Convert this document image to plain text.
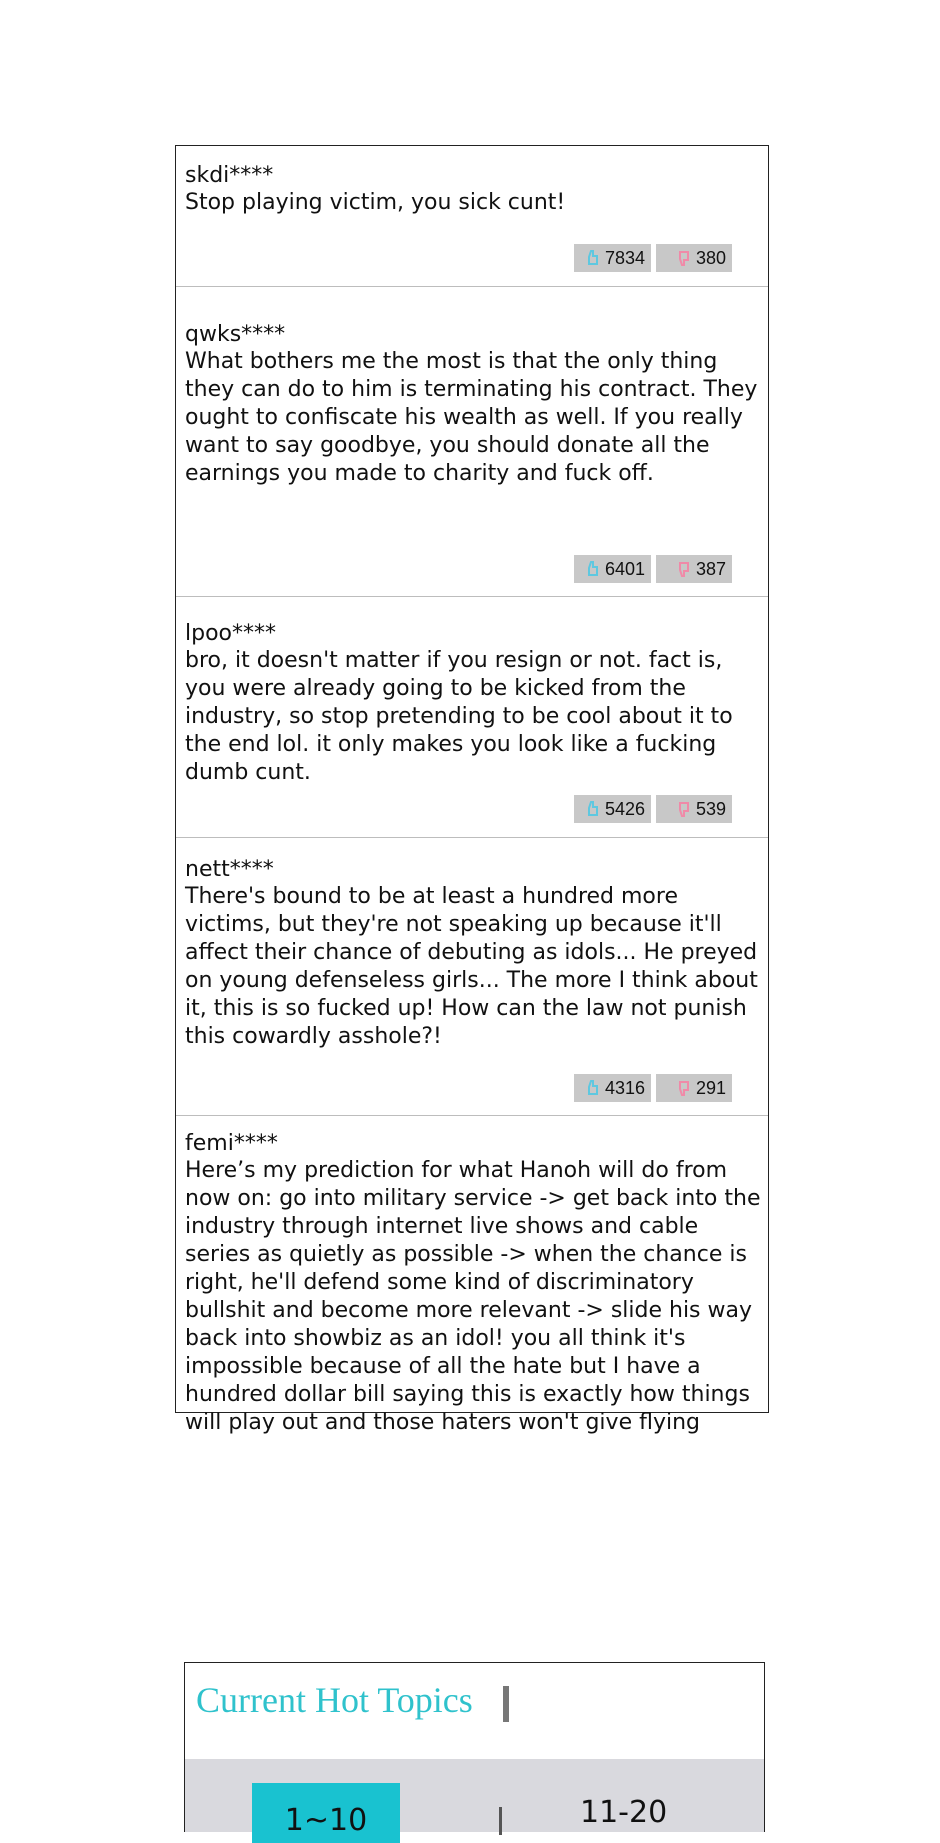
skdi****
Stop playing victim, you sick cunt!
7834	380
qwks****
What bothers me the most is that the only thing they can do to him is terminating his contract. They ought to confiscate his wealth as well. If you really want to say goodbye, you should donate all the earnings you made to charity and fuck off.
6401	387
lpoo****
bro, it doesn't matter if you resign or not. fact is, you were already going to be kicked from the industry, so stop pretending to be cool about it to the end lol. it only makes you look like a fucking dumb cunt.
5426	539
nett****
There's bound to be at least a hundred more victims, but they're not speaking up because it'll affect their chance of debuting as idols... He preyed on young defenseless girls... The more I think about it, this is so fucked up! How can the law not punish this cowardly asshole?!
4316	291
femi****
Here’s my prediction for what Hanoh will do from now on: go into military service -> get back into the industry through internet live shows and cable series as quietly as possible -> when the chance is right, he'll defend some kind of discriminatory bullshit and become more relevant -> slide his way back into showbiz as an idol! you all think it's impossible because of all the hate but I have a hundred dollar bill saying this is exactly how things will play out and those haters won't give flying
Current Hot Topics
1~10	11-20
